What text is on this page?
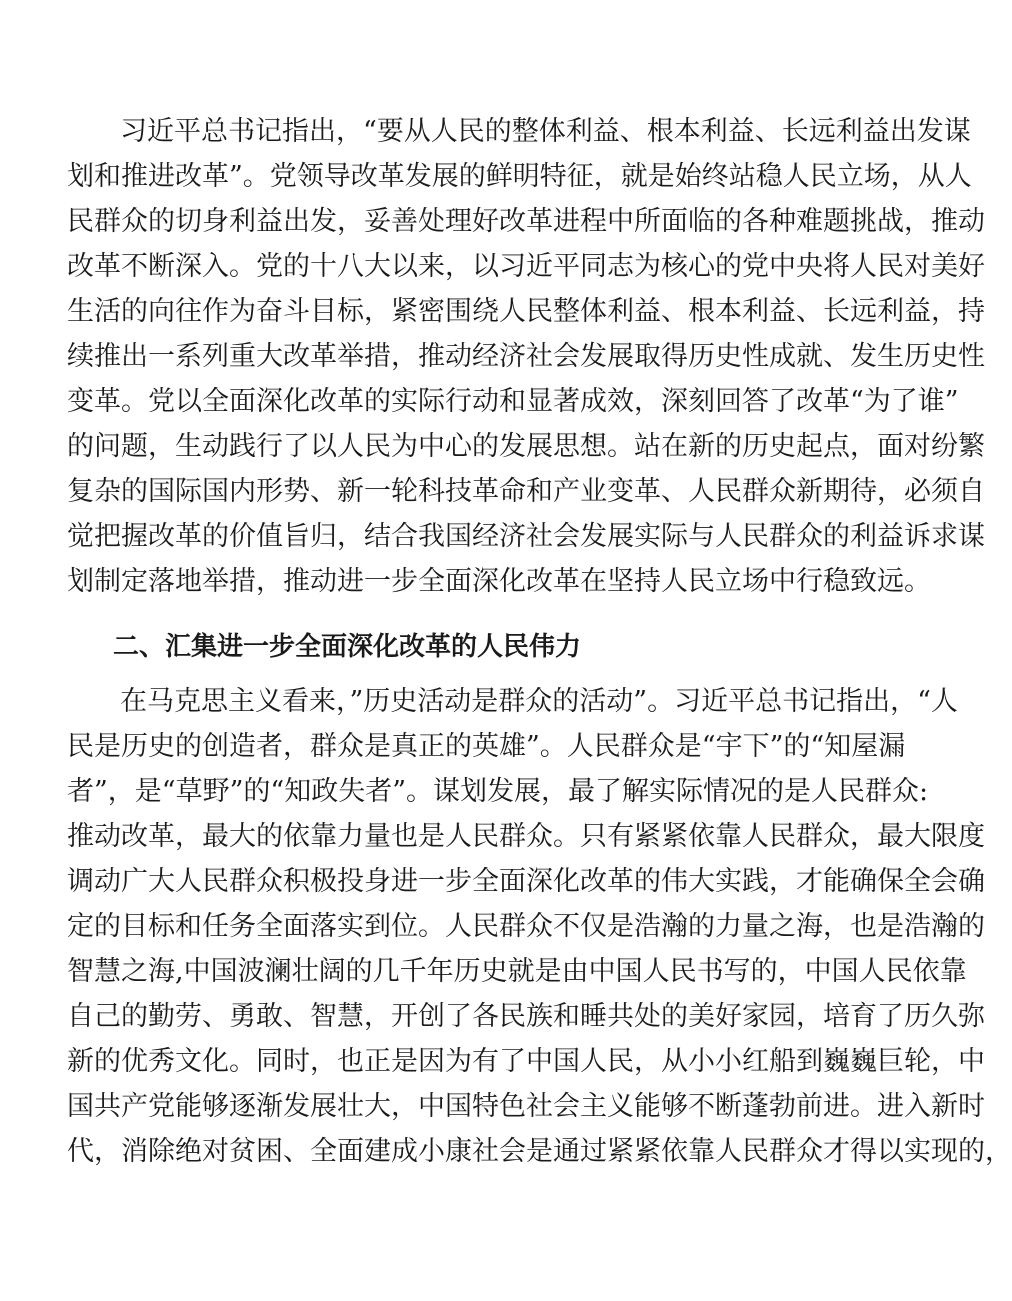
习近平总书记指出，“要从人民的整体利益、根本利益、长远利益出发谋
划和推进改革”。党领导改革发展的鲜明特征，就是始终站稳人民立场，从人
民群众的切身利益出发，妥善处理好改革进程中所面临的各种难题挑战，推动
改革不断深入。党的十八大以来，以习近平同志为核心的党中央将人民对美好
生活的向往作为奋斗目标，紧密围绕人民整体利益、根本利益、长远利益，持
续推出一系列重大改革举措，推动经济社会发展取得历史性成就、发生历史性
变革。党以全面深化改革的实际行动和显著成效，深刻回答了改革“为了谁”
的问题，生动践行了以人民为中心的发展思想。站在新的历史起点，面对纷繁
复杂的国际国内形势、新一轮科技革命和产业变革、人民群众新期待，必须自
觉把握改革的价值旨归，结合我国经济社会发展实际与人民群众的利益诉求谋
划制定落地举措，推动进一步全面深化改革在坚持人民立场中行稳致远。
二、汇集进一步全面深化改革的人民伟力
在马克思主义看来，”历史活动是群众的活动”。习近平总书记指出，“人
民是历史的创造者，群众是真正的英雄”。人民群众是“宇下”的“知屋漏
者”，是“草野”的“知政失者”。谋划发展，最了解实际情况的是人民群众:
推动改革，最大的依靠力量也是人民群众。只有紧紧依靠人民群众，最大限度
调动广大人民群众积极投身进一步全面深化改革的伟大实践，才能确保全会确
定的目标和任务全面落实到位。人民群众不仅是浩瀚的力量之海，也是浩瀚的
智慧之海,中国波澜壮阔的几千年历史就是由中国人民书写的，中国人民依靠
自己的勤劳、勇敢、智慧，开创了各民族和睡共处的美好家园，培育了历久弥
新的优秀文化。同时，也正是因为有了中国人民，从小小红船到巍巍巨轮，中
国共产党能够逐渐发展壮大，中国特色社会主义能够不断蓬勃前进。进入新时
代，消除绝对贫困、全面建成小康社会是通过紧紧依靠人民群众才得以实现的，
